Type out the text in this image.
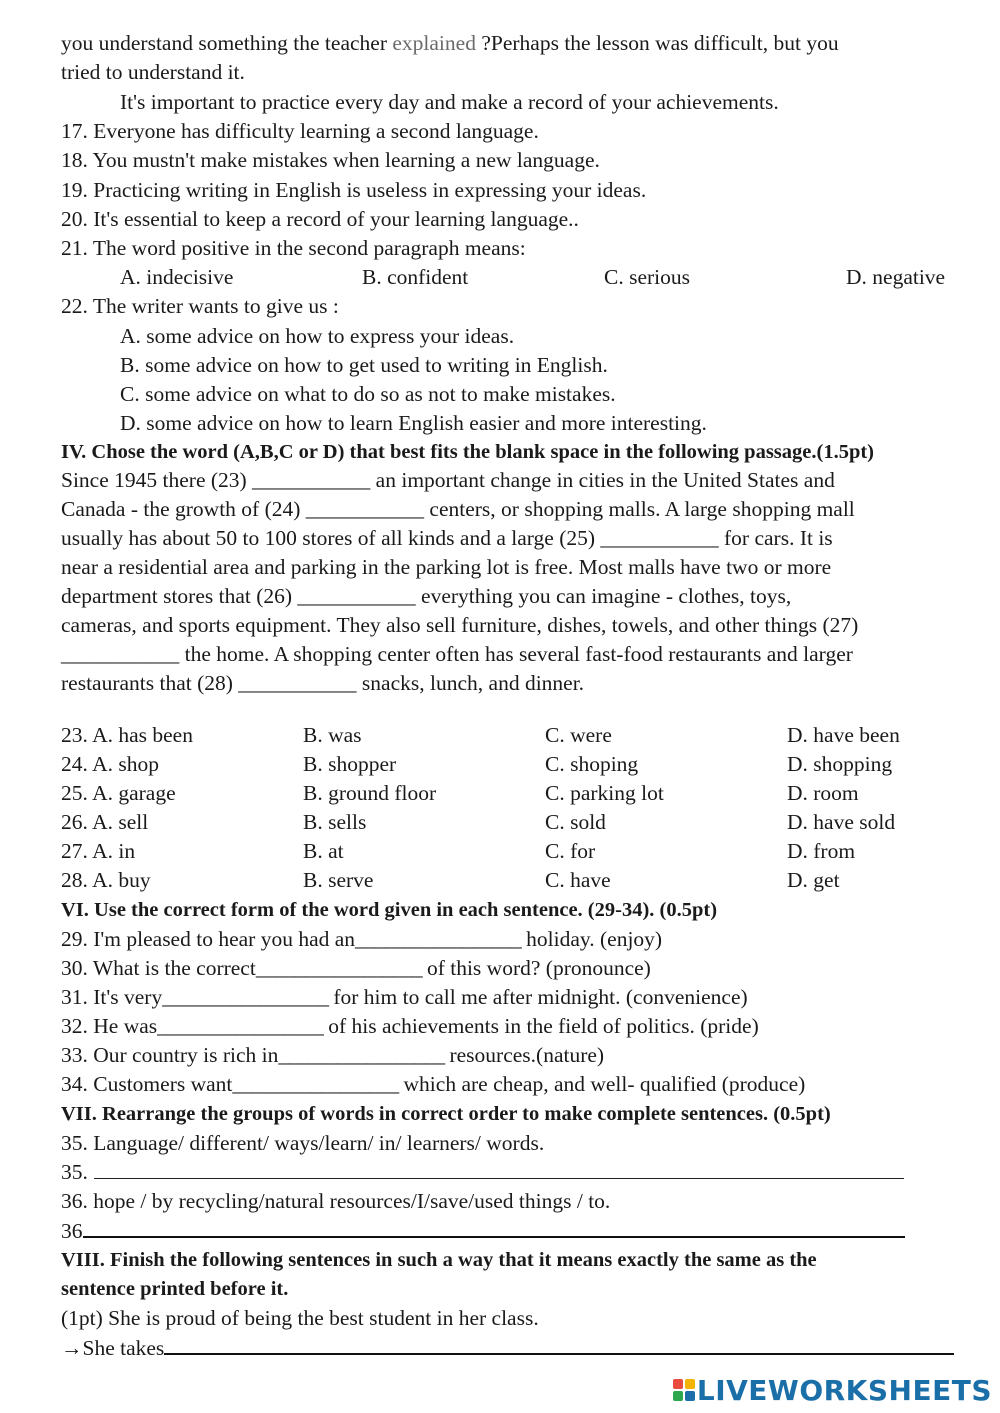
you understand something the teacher explained ?Perhaps the lesson was difficult, but you
tried to understand it.
It's important to practice every day and make a record of your achievements.
17. Everyone has difficulty learning a second language.
18. You mustn't make mistakes when learning a new language.
19. Practicing writing in English is useless in expressing your ideas.
20. It's essential to keep a record of your learning language..
21. The word positive in the second paragraph means:
A. indecisive	B. confident	C. serious	D. negative
22. The writer wants to give us :
A. some advice on how to express your ideas.
B. some advice on how to get used to writing in English.
C. some advice on what to do so as not to make mistakes.
D. some advice on how to learn English easier and more interesting.
IV. Chose the word (A,B,C or D) that best fits the blank space in the following passage.(1.5pt)
Since 1945 there (23) ___________ an important change in cities in the United States and
Canada - the growth of (24) ___________ centers, or shopping malls. A large shopping mall
usually has about 50 to 100 stores of all kinds and a large (25) ___________ for cars. It is
near a residential area and parking in the parking lot is free. Most malls have two or more
department stores that (26) ___________ everything you can imagine - clothes, toys,
cameras, and sports equipment. They also sell furniture, dishes, towels, and other things (27)
___________ the home. A shopping center often has several fast-food restaurants and larger
restaurants that (28) ___________ snacks, lunch, and dinner.
23. A. has been	B. was	C. were	D. have been
24. A. shop	B. shopper	C. shoping	D. shopping
25. A. garage	B. ground floor	C. parking lot	D. room
26. A. sell	B. sells	C. sold	D. have sold
27. A. in	B. at	C. for	D. from
28. A. buy	B. serve	C. have	D. get
VI. Use the correct form of the word given in each sentence. (29-34). (0.5pt)
29. I'm pleased to hear you had an_________________ holiday. (enjoy)
30. What is the correct_________________ of this word? (pronounce)
31. It's very_________________ for him to call me after midnight. (convenience)
32. He was_________________ of his achievements in the field of politics. (pride)
33. Our country is rich in_________________ resources.(nature)
34. Customers want_________________ which are cheap, and well- qualified (produce)
VII. Rearrange the groups of words in correct order to make complete sentences. (0.5pt)
35. Language/ different/ ways/learn/ in/ learners/ words.
35.
36. hope / by recycling/natural resources/I/save/used things / to.
36
VIII. Finish the following sentences in such a way that it means exactly the same as the
sentence printed before it.
(1pt) She is proud of being the best student in her class.
→She takes
LIVEWORKSHEETS
